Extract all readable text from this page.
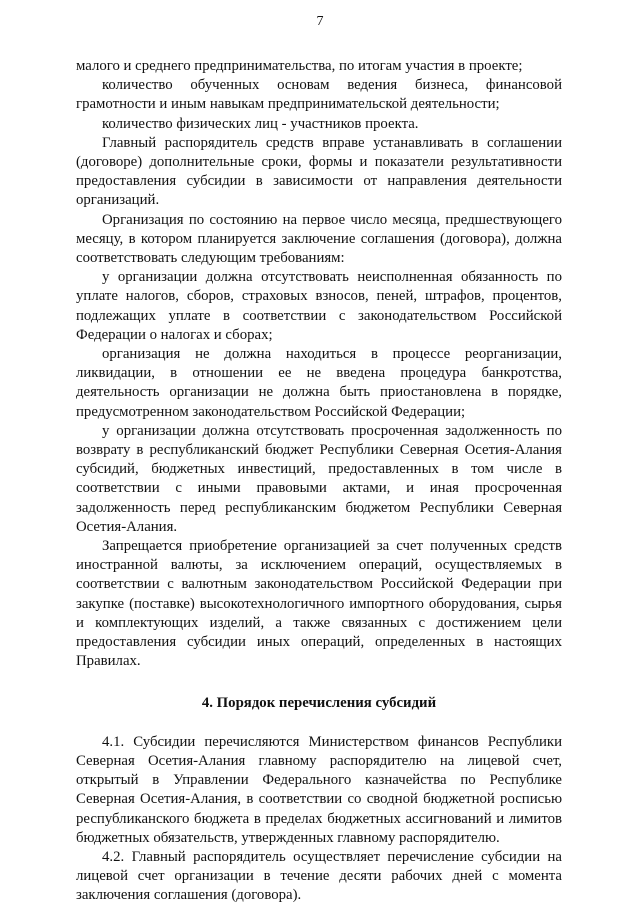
7

малого и среднего предпринимательства, по итогам участия в проекте;

количество обученных основам ведения бизнеса, финансовой грамотности и иным навыкам предпринимательской деятельности;

количество физических лиц - участников проекта.

Главный распорядитель средств вправе устанавливать в соглашении (договоре) дополнительные сроки, формы и показатели результативности предоставления субсидии в зависимости от направления деятельности организаций.

Организация по состоянию на первое число месяца, предшествующего месяцу, в котором планируется заключение соглашения (договора), должна соответствовать следующим требованиям:

у организации должна отсутствовать неисполненная обязанность по уплате налогов, сборов, страховых взносов, пеней, штрафов, процентов, подлежащих уплате в соответствии с законодательством Российской Федерации о налогах и сборах;

организация не должна находиться в процессе реорганизации, ликвидации, в отношении ее не введена процедура банкротства, деятельность организации не должна быть приостановлена в порядке, предусмотренном законодательством Российской Федерации;

у организации должна отсутствовать просроченная задолженность по возврату в республиканский бюджет Республики Северная Осетия-Алания субсидий, бюджетных инвестиций, предоставленных в том числе в соответствии с иными правовыми актами, и иная просроченная задолженность перед республиканским бюджетом Республики Северная Осетия-Алания.

Запрещается приобретение организацией за счет полученных средств иностранной валюты, за исключением операций, осуществляемых в соответствии с валютным законодательством Российской Федерации при закупке (поставке) высокотехнологичного импортного оборудования, сырья и комплектующих изделий, а также связанных с достижением цели предоставления субсидии иных операций, определенных в настоящих Правилах.

4. Порядок перечисления субсидий

4.1. Субсидии перечисляются Министерством финансов Республики Северная Осетия-Алания главному распорядителю на лицевой счет, открытый в Управлении Федерального казначейства по Республике Северная Осетия-Алания, в соответствии со сводной бюджетной росписью республиканского бюджета в пределах бюджетных ассигнований и лимитов бюджетных обязательств, утвержденных главному распорядителю.

4.2. Главный распорядитель осуществляет перечисление субсидии на лицевой счет организации в течение десяти рабочих дней с момента заключения соглашения (договора).
